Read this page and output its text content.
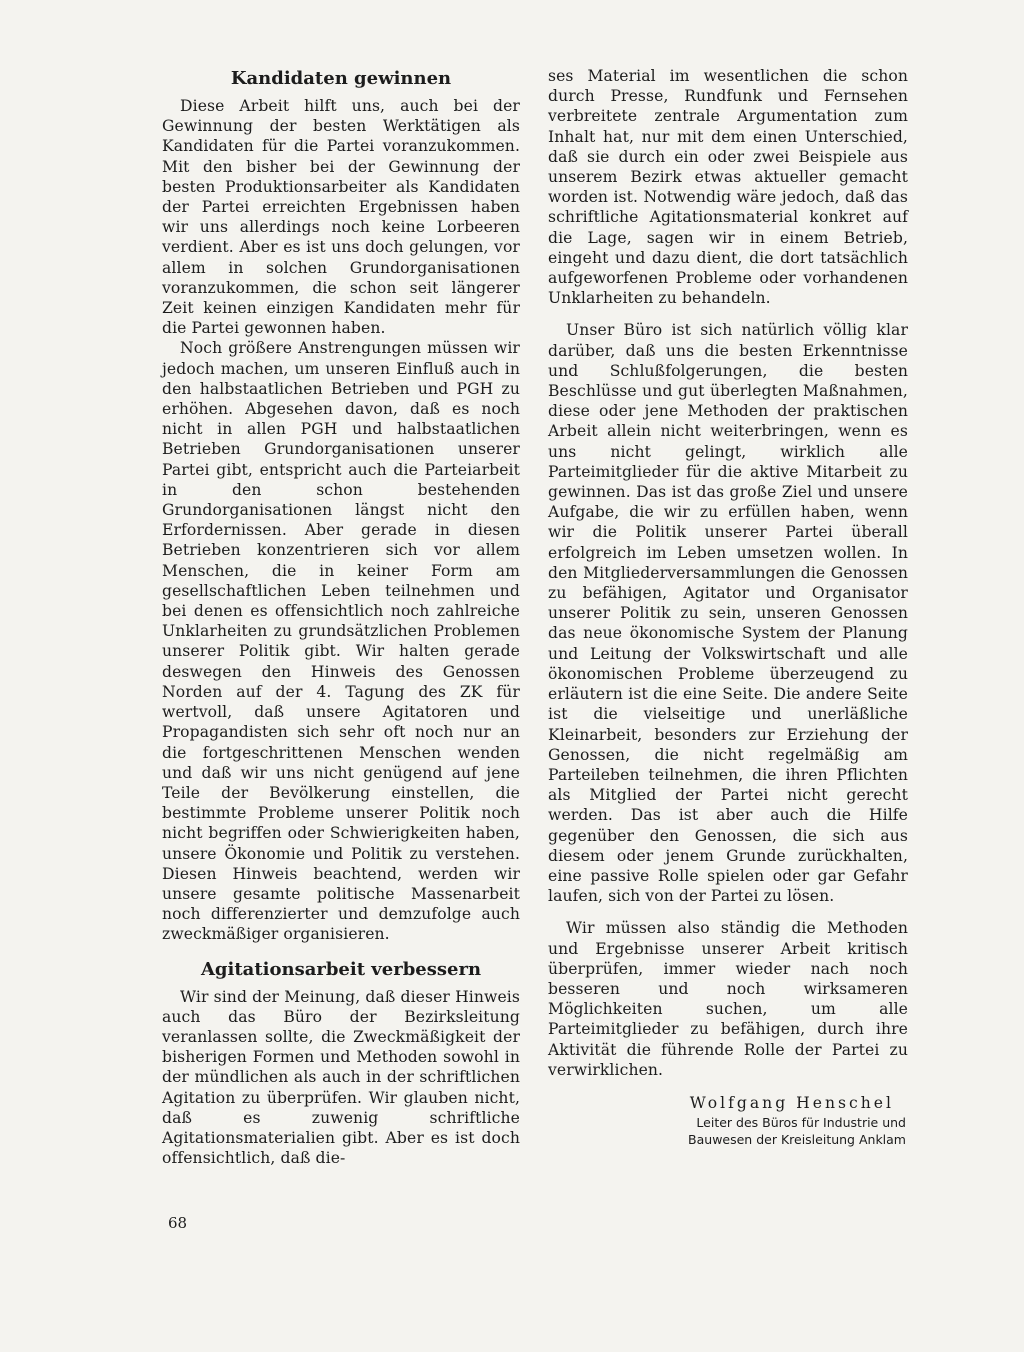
Kandidaten gewinnen

Diese Arbeit hilft uns, auch bei der Gewinnung der besten Werktätigen als Kandidaten für die Partei voranzukommen. Mit den bisher bei der Gewinnung der besten Produktionsarbeiter als Kandidaten der Partei erreichten Ergebnissen haben wir uns allerdings noch keine Lorbeeren verdient. Aber es ist uns doch gelungen, vor allem in solchen Grundorganisationen voranzukommen, die schon seit längerer Zeit keinen einzigen Kandidaten mehr für die Partei gewonnen haben.

Noch größere Anstrengungen müssen wir jedoch machen, um unseren Einfluß auch in den halbstaatlichen Betrieben und PGH zu erhöhen. Abgesehen davon, daß es noch nicht in allen PGH und halbstaatlichen Betrieben Grundorganisationen unserer Partei gibt, entspricht auch die Parteiarbeit in den schon bestehenden Grundorganisationen längst nicht den Erfordernissen. Aber gerade in diesen Betrieben konzentrieren sich vor allem Menschen, die in keiner Form am gesellschaftlichen Leben teilnehmen und bei denen es offensichtlich noch zahlreiche Unklarheiten zu grundsätzlichen Problemen unserer Politik gibt. Wir halten gerade deswegen den Hinweis des Genossen Norden auf der 4. Tagung des ZK für wertvoll, daß unsere Agitatoren und Propagandisten sich sehr oft noch nur an die fortgeschrittenen Menschen wenden und daß wir uns nicht genügend auf jene Teile der Bevölkerung einstellen, die bestimmte Probleme unserer Politik noch nicht begriffen oder Schwierigkeiten haben, unsere Ökonomie und Politik zu verstehen. Diesen Hinweis beachtend, werden wir unsere gesamte politische Massenarbeit noch differenzierter und demzufolge auch zweckmäßiger organisieren.

Agitationsarbeit verbessern

Wir sind der Meinung, daß dieser Hinweis auch das Büro der Bezirksleitung veranlassen sollte, die Zweckmäßigkeit der bisherigen Formen und Methoden sowohl in der mündlichen als auch in der schriftlichen Agitation zu überprüfen. Wir glauben nicht, daß es zuwenig schriftliche Agitationsmaterialien gibt. Aber es ist doch offensichtlich, daß die-

ses Material im wesentlichen die schon durch Presse, Rundfunk und Fernsehen verbreitete zentrale Argumentation zum Inhalt hat, nur mit dem einen Unterschied, daß sie durch ein oder zwei Beispiele aus unserem Bezirk etwas aktueller gemacht worden ist. Notwendig wäre jedoch, daß das schriftliche Agitationsmaterial konkret auf die Lage, sagen wir in einem Betrieb, eingeht und dazu dient, die dort tatsächlich aufgeworfenen Probleme oder vorhandenen Unklarheiten zu behandeln.

Unser Büro ist sich natürlich völlig klar darüber, daß uns die besten Erkenntnisse und Schlußfolgerungen, die besten Beschlüsse und gut überlegten Maßnahmen, diese oder jene Methoden der praktischen Arbeit allein nicht weiterbringen, wenn es uns nicht gelingt, wirklich alle Parteimitglieder für die aktive Mitarbeit zu gewinnen. Das ist das große Ziel und unsere Aufgabe, die wir zu erfüllen haben, wenn wir die Politik unserer Partei überall erfolgreich im Leben umsetzen wollen. In den Mitgliederversammlungen die Genossen zu befähigen, Agitator und Organisator unserer Politik zu sein, unseren Genossen das neue ökonomische System der Planung und Leitung der Volkswirtschaft und alle ökonomischen Probleme überzeugend zu erläutern ist die eine Seite. Die andere Seite ist die vielseitige und unerläßliche Kleinarbeit, besonders zur Erziehung der Genossen, die nicht regelmäßig am Parteileben teilnehmen, die ihren Pflichten als Mitglied der Partei nicht gerecht werden. Das ist aber auch die Hilfe gegenüber den Genossen, die sich aus diesem oder jenem Grunde zurückhalten, eine passive Rolle spielen oder gar Gefahr laufen, sich von der Partei zu lösen.

Wir müssen also ständig die Methoden und Ergebnisse unserer Arbeit kritisch überprüfen, immer wieder nach noch besseren und noch wirksameren Möglichkeiten suchen, um alle Parteimitglieder zu befähigen, durch ihre Aktivität die führende Rolle der Partei zu verwirklichen.

Wolfgang Henschel
Leiter des Büros für Industrie und
Bauwesen der Kreisleitung Anklam
68
